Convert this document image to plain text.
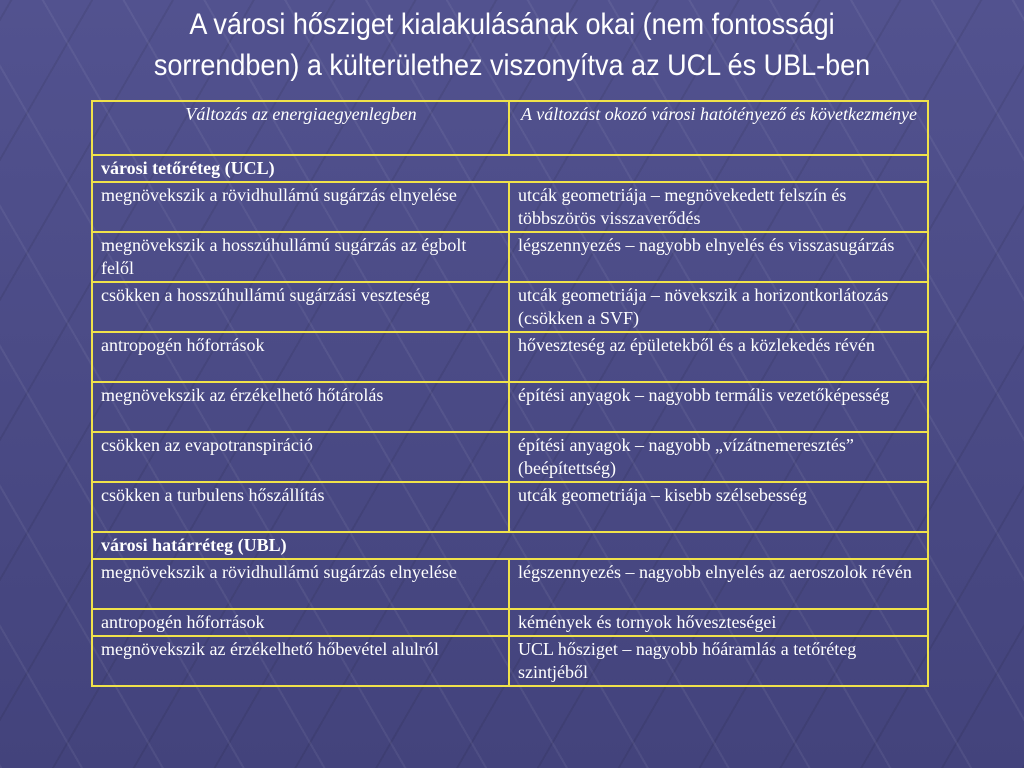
A városi hősziget kialakulásának okai (nem fontossági
sorrendben) a külterülethez viszonyítva az UCL és UBL-ben
Változás az energiaegyenlegben	A változást okozó városi hatótényező és következménye
városi tetőréteg (UCL)	
megnövekszik a rövidhullámú sugárzás elnyelése	utcák geometriája – megnövekedett felszín és többszörös visszaverődés
megnövekszik a hosszúhullámú sugárzás az égbolt felől	légszennyezés – nagyobb elnyelés és visszasugárzás
csökken a hosszúhullámú sugárzási veszteség	utcák geometriája – növekszik a horizontkorlátozás (csökken a SVF)
antropogén hőforrások	hőveszteség az épületekből és a közlekedés révén
megnövekszik az érzékelhető hőtárolás	építési anyagok – nagyobb termális vezetőképesség
csökken az evapotranspiráció	építési anyagok – nagyobb „vízátnemeresztés” (beépítettség)
csökken a turbulens hőszállítás	utcák geometriája – kisebb szélsebesség
városi határréteg (UBL)	
megnövekszik a rövidhullámú sugárzás elnyelése	légszennyezés – nagyobb elnyelés az aeroszolok révén
antropogén hőforrások	kémények és tornyok hőveszteségei
megnövekszik az érzékelhető hőbevétel alulról	UCL hősziget – nagyobb hőáramlás a tetőréteg szintjéből
